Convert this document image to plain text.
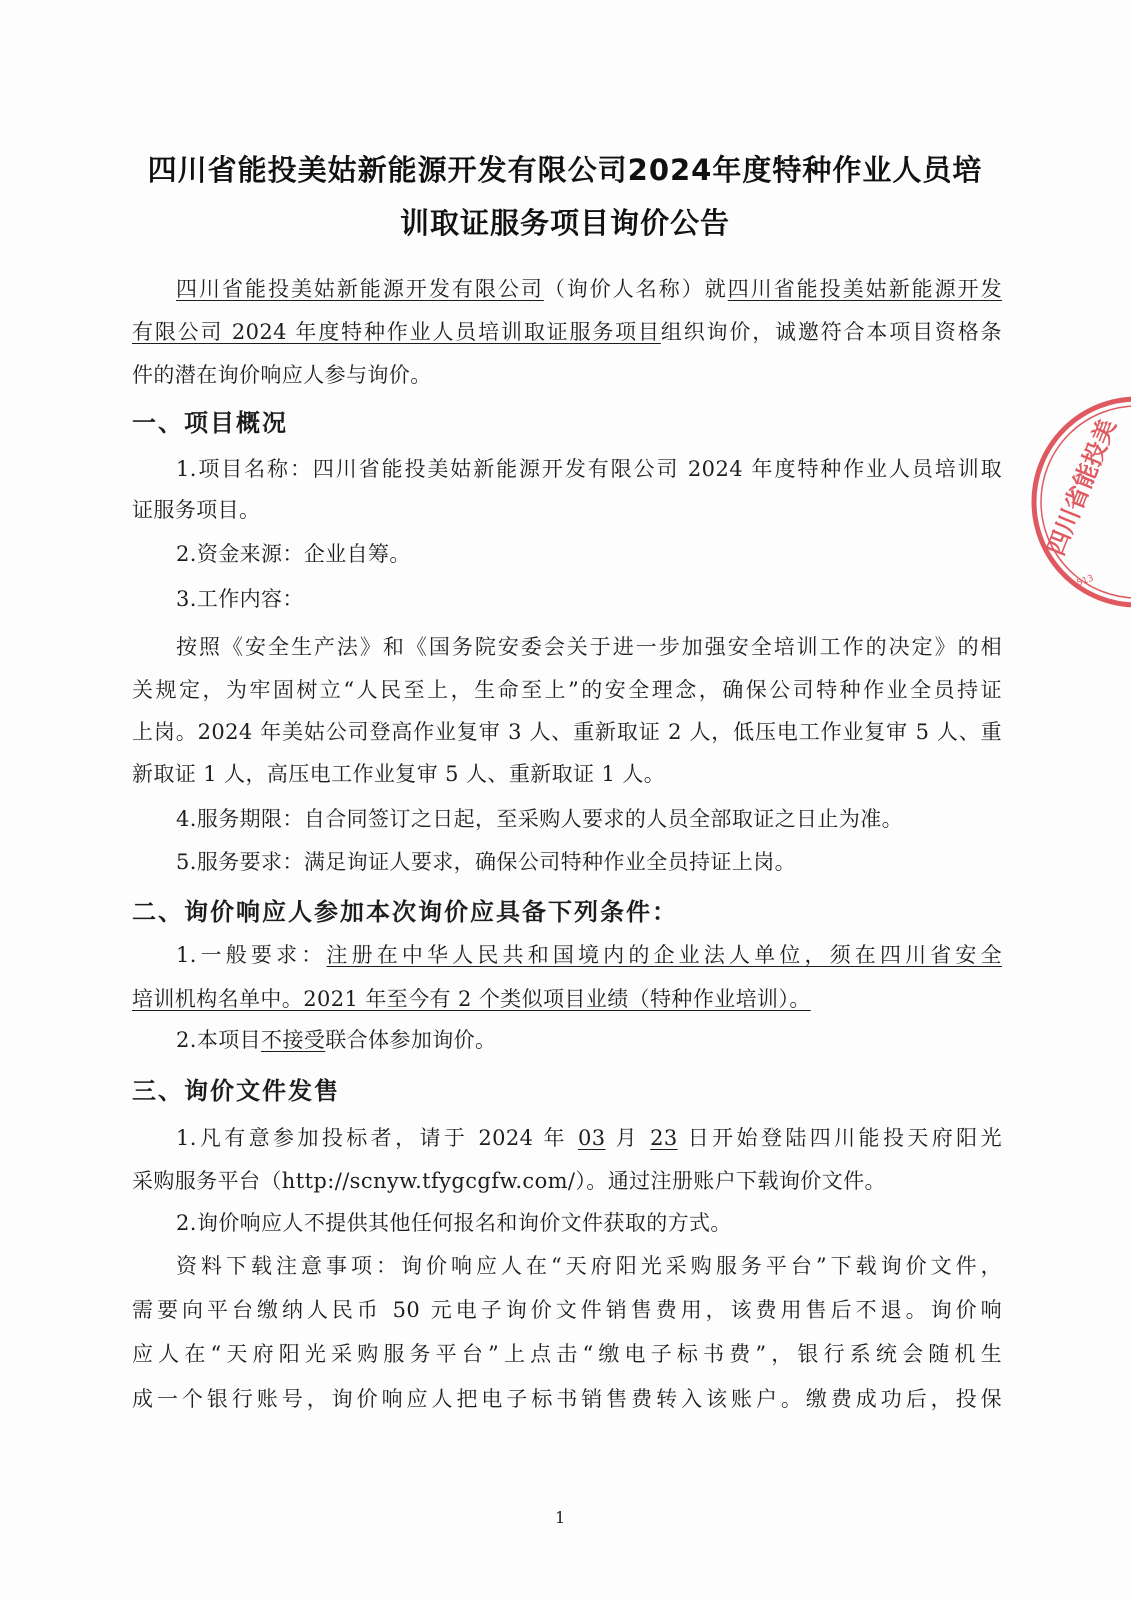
四川省能投美姑新能源开发有限公司2024年度特种作业人员培
训取证服务项目询价公告
四川省能投美姑新能源开发有限公司（询价人名称）就四川省能投美姑新能源开发
有限公司 2024 年度特种作业人员培训取证服务项目组织询价，诚邀符合本项目资格条
件的潜在询价响应人参与询价。
一、项目概况
1.项目名称：四川省能投美姑新能源开发有限公司 2024 年度特种作业人员培训取
证服务项目。
2.资金来源：企业自筹。
3.工作内容：
按照《安全生产法》和《国务院安委会关于进一步加强安全培训工作的决定》的相
关规定，为牢固树立“人民至上，生命至上”的安全理念，确保公司特种作业全员持证
上岗。2024 年美姑公司登高作业复审 3 人、重新取证 2 人，低压电工作业复审 5 人、重
新取证 1 人，高压电工作业复审 5 人、重新取证 1 人。
4.服务期限：自合同签订之日起，至采购人要求的人员全部取证之日止为准。
5.服务要求：满足询证人要求，确保公司特种作业全员持证上岗。
二、询价响应人参加本次询价应具备下列条件：
1.一般要求：注册在中华人民共和国境内的企业法人单位，须在四川省安全
培训机构名单中。2021 年至今有 2 个类似项目业绩（特种作业培训）。
2.本项目不接受联合体参加询价。
三、询价文件发售
1.凡有意参加投标者，请于 2024 年 03 月 23 日开始登陆四川能投天府阳光
采购服务平台（http://scnyw.tfygcgfw.com/）。通过注册账户下载询价文件。
2.询价响应人不提供其他任何报名和询价文件获取的方式。
资料下载注意事项：询价响应人在“天府阳光采购服务平台”下载询价文件，
需要向平台缴纳人民币 50 元电子询价文件销售费用，该费用售后不退。询价响
应人在“天府阳光采购服务平台”上点击“缴电子标书费”，银行系统会随机生
成一个银行账号，询价响应人把电子标书销售费转入该账户。缴费成功后，投保
1
四川省能投美
513
